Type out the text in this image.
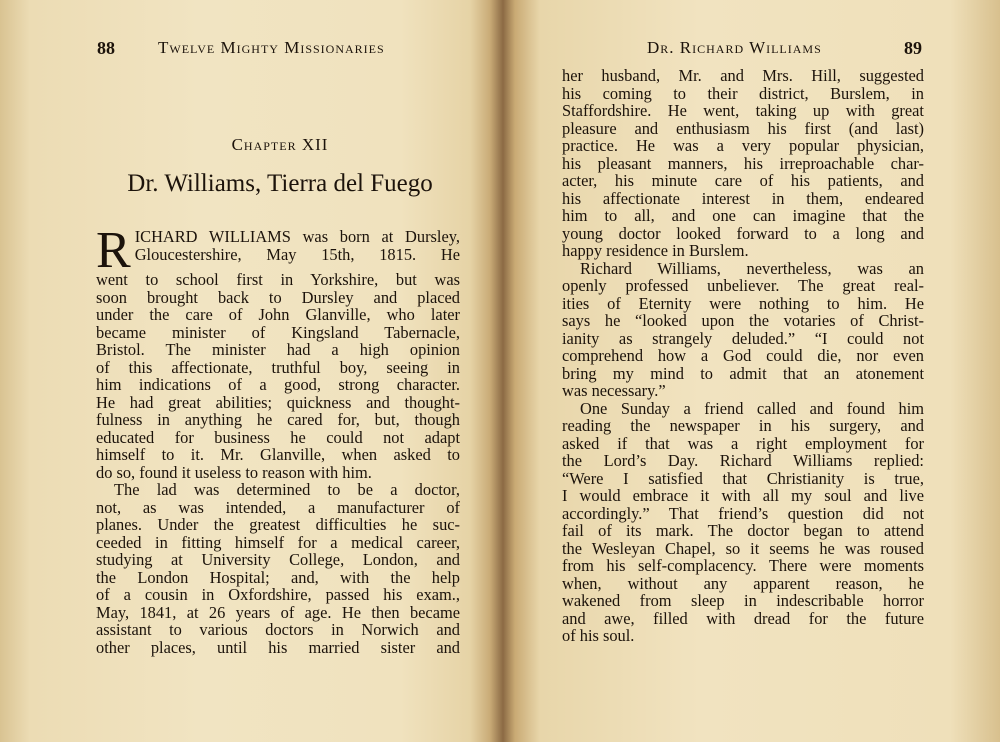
88	Twelve Mighty Missionaries
Chapter XII
Dr. Williams, Tierra del Fuego
R ICHARD WILLIAMS was born at Dursley,
Gloucestershire, May 15th, 1815. He
went to school first in Yorkshire, but was
soon brought back to Dursley and placed
under the care of John Glanville, who later
became minister of Kingsland Tabernacle,
Bristol. The minister had a high opinion
of this affectionate, truthful boy, seeing in
him indications of a good, strong character.
He had great abilities; quickness and thought-
fulness in anything he cared for, but, though
educated for business he could not adapt
himself to it. Mr. Glanville, when asked to
do so, found it useless to reason with him.
The lad was determined to be a doctor,
not, as was intended, a manufacturer of
planes. Under the greatest difficulties he suc-
ceeded in fitting himself for a medical career,
studying at University College, London, and
the London Hospital; and, with the help
of a cousin in Oxfordshire, passed his exam.,
May, 1841, at 26 years of age. He then became
assistant to various doctors in Norwich and
other places, until his married sister and
Dr. Richard Williams	89
her husband, Mr. and Mrs. Hill, suggested
his coming to their district, Burslem, in
Staffordshire. He went, taking up with great
pleasure and enthusiasm his first (and last)
practice. He was a very popular physician,
his pleasant manners, his irreproachable char-
acter, his minute care of his patients, and
his affectionate interest in them, endeared
him to all, and one can imagine that the
young doctor looked forward to a long and
happy residence in Burslem.
Richard Williams, nevertheless, was an
openly professed unbeliever. The great real-
ities of Eternity were nothing to him. He
says he “looked upon the votaries of Christ-
ianity as strangely deluded.” “I could not
comprehend how a God could die, nor even
bring my mind to admit that an atonement
was necessary.”
One Sunday a friend called and found him
reading the newspaper in his surgery, and
asked if that was a right employment for
the Lord’s Day. Richard Williams replied:
“Were I satisfied that Christianity is true,
I would embrace it with all my soul and live
accordingly.” That friend’s question did not
fail of its mark. The doctor began to attend
the Wesleyan Chapel, so it seems he was roused
from his self-complacency. There were moments
when, without any apparent reason, he
wakened from sleep in indescribable horror
and awe, filled with dread for the future
of his soul.
